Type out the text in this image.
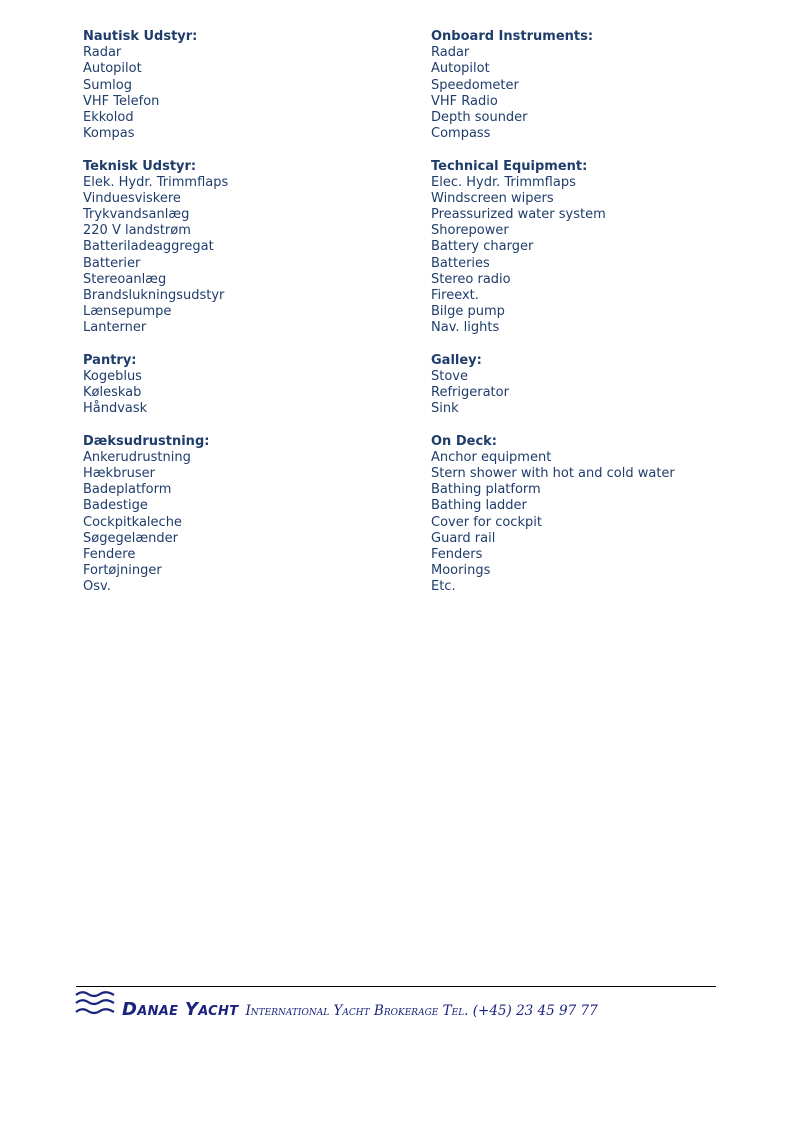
Nautisk Udstyr:
Radar
Autopilot
Sumlog
VHF Telefon
Ekkolod
Kompas
Teknisk Udstyr:
Elek. Hydr. Trimmflaps
Vinduesviskere
Trykvandsanlæg
220 V landstrøm
Batteriladeaggregat
Batterier
Stereoanlæg
Brandslukningsudstyr
Lænsepumpe
Lanterner
Pantry:
Kogeblus
Køleskab
Håndvask
Dæksudrustning:
Ankerudrustning
Hækbruser
Badeplatform
Badestige
Cockpitkaleche
Søgegelænder
Fendere
Fortøjninger
Osv.
Onboard Instruments:
Radar
Autopilot
Speedometer
VHF Radio
Depth sounder
Compass
Technical Equipment:
Elec. Hydr. Trimmflaps
Windscreen wipers
Preassurized water system
Shorepower
Battery charger
Batteries
Stereo radio
Fireext.
Bilge pump
Nav. lights
Galley:
Stove
Refrigerator
Sink
On Deck:
Anchor equipment
Stern shower with hot and cold water
Bathing platform
Bathing ladder
Cover for cockpit
Guard rail
Fenders
Moorings
Etc.
Danae Yacht International Yacht Brokerage Tel. (+45) 23 45 97 77
